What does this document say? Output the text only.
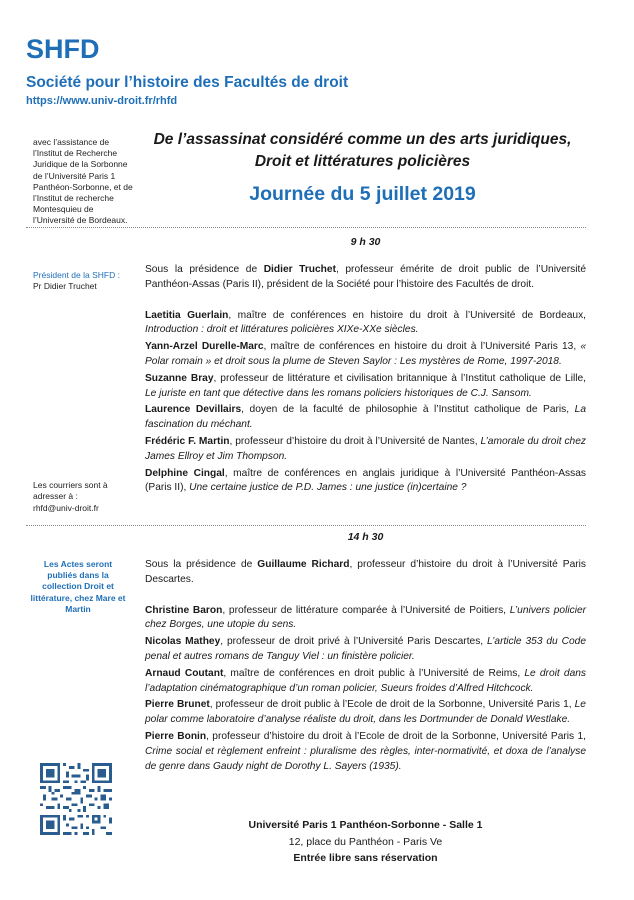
SHFD
Société pour l’histoire des Facultés de droit
https://www.univ-droit.fr/rhfd
De l’assassinat considéré comme un des arts juridiques,
Droit et littératures policières
Journée du 5 juillet 2019
avec l’assistance de l’Institut de Recherche Juridique de la Sorbonne de l’Université Paris 1 Panthéon-Sorbonne, et de l’Institut de recherche Montesquieu de l’Université de Bordeaux.
Président de la SHFD :
Pr Didier Truchet
Les courriers sont à adresser à :
rhfd@univ-droit.fr
Les Actes seront publiés dans la collection Droit et littérature, chez Mare et Martin
9 h 30
Sous la présidence de Didier Truchet, professeur émérite de droit public de l’Université Panthéon-Assas (Paris II), président de la Société pour l’histoire des Facultés de droit.
Laetitia Guerlain, maître de conférences en histoire du droit à l’Université de Bordeaux, Introduction : droit et littératures policières XIXe-XXe siècles.
Yann-Arzel Durelle-Marc, maître de conférences en histoire du droit à l’Université Paris 13, « Polar romain » et droit sous la plume de Steven Saylor : Les mystères de Rome, 1997-2018.
Suzanne Bray, professeur de littérature et civilisation britannique à l’Institut catholique de Lille, Le juriste en tant que détective dans les romans policiers historiques de C.J. Sansom.
Laurence Devillairs, doyen de la faculté de philosophie à l’Institut catholique de Paris, La fascination du méchant.
Frédéric F. Martin, professeur d’histoire du droit à l’Université de Nantes, L’amorale du droit chez James Ellroy et Jim Thompson.
Delphine Cingal, maître de conférences en anglais juridique à l’Université Panthéon-Assas (Paris II), Une certaine justice de P.D. James : une justice (in)certaine ?
14 h 30
Sous la présidence de Guillaume Richard, professeur d’histoire du droit à l’Université Paris Descartes.
Christine Baron, professeur de littérature comparée à l’Université de Poitiers, L’univers policier chez Borges, une utopie du sens.
Nicolas Mathey, professeur de droit privé à l’Université Paris Descartes, L’article 353 du Code penal et autres romans de Tanguy Viel : un finistère policier.
Arnaud Coutant, maître de conférences en droit public à l’Université de Reims, Le droit dans l’adaptation cinématographique d’un roman policier, Sueurs froides d’Alfred Hitchcock.
Pierre Brunet, professeur de droit public à l’Ecole de droit de la Sorbonne, Université Paris 1, Le polar comme laboratoire d’analyse réaliste du droit, dans les Dortmunder de Donald Westlake.
Pierre Bonin, professeur d’histoire du droit à l’Ecole de droit de la Sorbonne, Université Paris 1, Crime social et règlement enfreint : pluralisme des règles, inter-normativité, et doxa de l’analyse de genre dans Gaudy night de Dorothy L. Sayers (1935).
Université Paris 1 Panthéon-Sorbonne - Salle 1
12, place du Panthéon - Paris Ve
Entrée libre sans réservation
